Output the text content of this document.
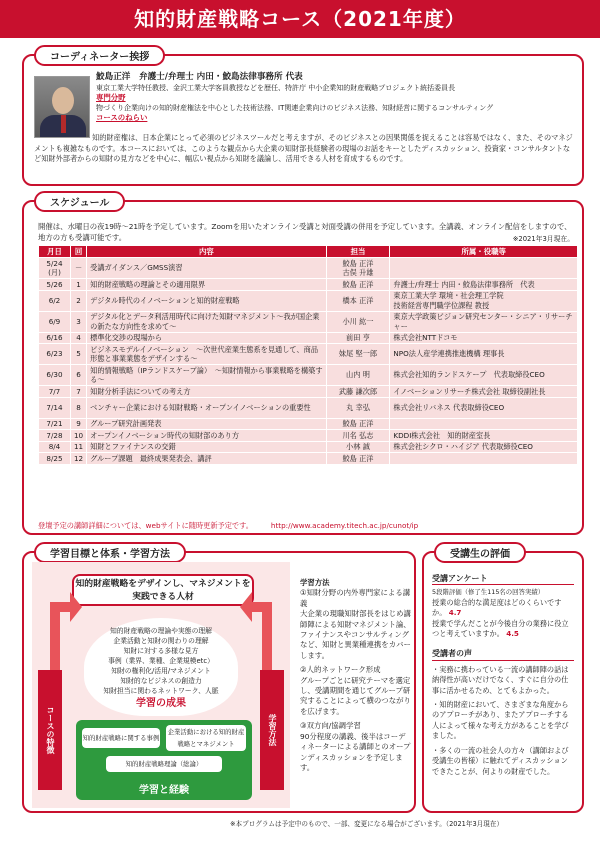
知的財産戦略コース（2021年度）
コーディネーター挨拶
鮫島正洋　弁護士/弁理士 内田・鮫島法律事務所 代表
東京工業大学特任教授、金沢工業大学客員教授などを歴任、特許庁 中小企業知的財産戦略プロジェクト統括委員長
専門分野
物づくり企業向けの知的財産権法を中心とした技術法務、IT関連企業向けのビジネス法務、知財経営に関するコンサルティング
コースのねらい
知的財産権は、日本企業にとって必須のビジネスツールだと考えますが、そのビジネスとの因果関係を捉えることは容易ではなく、また、そのマネジメントも複雑なものです。本コースにおいては、このような観点から大企業の知財部長経験者の現場のお話をキーとしたディスカッション、投資家・コンサルタントなど知財外部者からの知財の見方などを中心に、幅広い視点から知財を議論し、活用できる人材を育成するものです。
スケジュール
開催は、水曜日の夜19時～21時を予定しています。Zoomを用いたオンライン受講と対面受講の併用を予定しています。全講義、オンライン配信をしますので、地方の方も受講可能です。	※2021年3月現在。
月日	回	内容	担当	所属・役職等
5/24
(月)	－	受講ガイダンス／GMSS演習	鮫島 正洋
古俣 升雄	
5/26	1	知的財産戦略の理論とその適用限界	鮫島 正洋	弁護士/弁理士 内田・鮫島法律事務所　代表
6/2	2	デジタル時代のイノベーションと知的財産戦略	橋本 正洋	東京工業大学 環境・社会理工学院
技術経営専門職学位課程 教授
6/9	3	デジタル化とデータ利活用時代に向けた知財マネジメント～我が国企業の新たな方向性を求めて～	小川 紘一	東京大学政策ビジョン研究センター・シニア・リサーチャー
6/16	4	標準化交渉の現場から	前田 亨	株式会社NTTドコモ
6/23	5	ビジネスモデルイノベーション　～次世代産業生態系を見通して、商品形態と事業業態をデザインする～	妹尾 堅一郎	NPO法人産学連携推進機構 理事長
6/30	6	知的情報戦略（IPランドスケープ論）　～知財情報から事業戦略を構築する～	山内 明	株式会社知的ランドスケープ　代表取締役CEO
7/7	7	知財分析手法についての考え方	武藤 謙次郎	イノベーションリサーチ株式会社 取締役副社長
7/14	8	ベンチャー企業における知財戦略・オープンイノベーションの重要性	丸 幸弘	株式会社リバネス 代表取締役CEO
7/21	9	グループ研究計画発表	鮫島 正洋	
7/28	10	オープンイノベーション時代の知財部のあり方	川名 弘志	KDDI株式会社　知的財産室長
8/4	11	知財とファイナンスの交錯	小林 誠	株式会社シクロ・ハイジア 代表取締役CEO
8/25	12	グループ課題　最終成果発表会、講評	鮫島 正洋	
登壇予定の講師詳細については、webサイトに随時更新予定です。	http://www.academy.titech.ac.jp/cunot/ip
学習目標と体系・学習方法
知的財産戦略をデザインし、マネジメントを実践できる人材
知的財産戦略の理論や実態の理解
企業活動と知財の関わりの理解
知財に対する多様な見方
事例（業界、業種、企業規模etc）
知財の権利化/活用/マネジメント
知財的なビジネスの創造力
知財担当に関わるネットワーク、人脈
学習の成果
コースの特徴	学習方法
知的財産戦略に関する事例
企業活動における知的財産戦略とマネジメント
知的財産戦略理論（総論）
学習と経験
学習方法
①知財分野の内外専門家による講義
大企業の現職知財部長をはじめ講師陣による知財マネジメント論、ファイナンスやコンサルティングなど、知財と異業種連携をカバーします。
②人的ネットワーク形成
グループごとに研究テーマを選定し、受講期間を通じてグループ研究することによって横のつながりを広げます。
③双方向/協調学習
90分程度の講義、後半はコーディネーターによる講師とのオープンディスカッションを予定します。
受講生の評価
受講アンケート
5段階評価（修了生115名の回答実績）
授業の総合的な満足度はどのくらいですか。 4.7
授業で学んだことが今後自分の業務に役立つと考えていますか。 4.5
受講者の声
・実務に携わっている一流の講師陣の話は納得性が高いだけでなく、すぐに自分の仕事に活かせるため、とてもよかった。
・知的財産において、さまざまな角度からのアプローチがあり、またアプローチする人によって様々な考え方があることを学びました。
・多くの一流の社会人の方々（講師および受講生の皆様）に触れてディスカッションできたことが、何よりの財産でした。
※本プログラムは予定中のもので、一部、変更になる場合がございます。（2021年3月現在）
